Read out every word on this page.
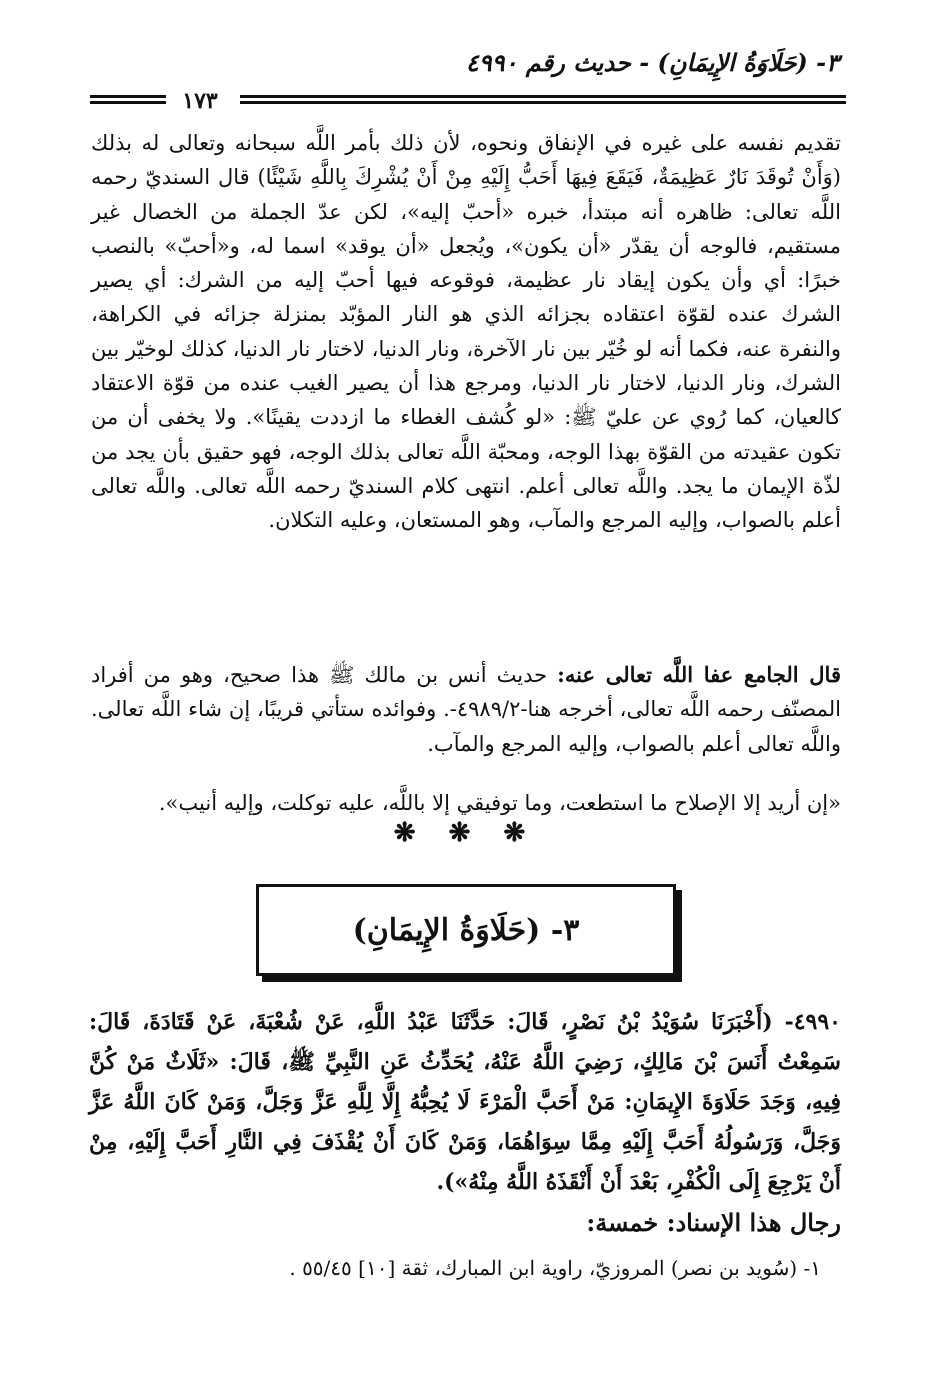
٣- (حَلَاوَةُ الإِيمَانِ) - حديث رقم ٤٩٩٠
١٧٣
تقديم نفسه على غيره في الإنفاق ونحوه، لأن ذلك بأمر اللَّه سبحانه وتعالى له بذلك (وَأَنْ تُوقَدَ نَارٌ عَظِيمَةٌ، فَيَقَعَ فِيهَا أَحَبُّ إِلَيْهِ مِنْ أَنْ يُشْرِكَ بِاللَّهِ شَيْئًا) قال السنديّ رحمه اللَّه تعالى: ظاهره أنه مبتدأ، خبره «أحبّ إليه»، لكن عدّ الجملة من الخصال غير مستقيم، فالوجه أن يقدّر «أن يكون»، ويُجعل «أن يوقد» اسما له، و«أحبّ» بالنصب خبرًا: أي وأن يكون إيقاد نار عظيمة، فوقوعه فيها أحبّ إليه من الشرك: أي يصير الشرك عنده لقوّة اعتقاده بجزائه الذي هو النار المؤبّد بمنزلة جزائه في الكراهة، والنفرة عنه، فكما أنه لو خُيّر بين نار الآخرة، ونار الدنيا، لاختار نار الدنيا، كذلك لوخيّر بين الشرك، ونار الدنيا، لاختار نار الدنيا، ومرجع هذا أن يصير الغيب عنده من قوّة الاعتقاد كالعيان، كما رُوي عن عليّ ﷺ: «لو كُشف الغطاء ما ازددت يقينًا». ولا يخفى أن من تكون عقيدته من القوّة بهذا الوجه، ومحبّة اللَّه تعالى بذلك الوجه، فهو حقيق بأن يجد من لذّة الإيمان ما يجد. واللَّه تعالى أعلم. انتهى كلام السنديّ رحمه اللَّه تعالى. واللَّه تعالى أعلم بالصواب، وإليه المرجع والمآب، وهو المستعان، وعليه التكلان.
قال الجامع عفا اللَّه تعالى عنه: حديث أنس بن مالك ﷺ هذا صحيح، وهو من أفراد المصنّف رحمه اللَّه تعالى، أخرجه هنا-٤٩٨٩/٢-. وفوائده ستأتي قريبًا، إن شاء اللَّه تعالى. واللَّه تعالى أعلم بالصواب، وإليه المرجع والمآب.
«إن أريد إلا الإصلاح ما استطعت، وما توفيقي إلا باللَّه، عليه توكلت، وإليه أنيب».
❋ ❋ ❋
٣- (حَلَاوَةُ الإِيمَانِ)
٤٩٩٠- (أَخْبَرَنَا سُوَيْدُ بْنُ نَصْرٍ، قَالَ: حَدَّثَنَا عَبْدُ اللَّهِ، عَنْ شُعْبَةَ، عَنْ قَتَادَةَ، قَالَ: سَمِعْتُ أَنَسَ بْنَ مَالِكٍ، رَضِيَ اللَّهُ عَنْهُ، يُحَدِّثُ عَنِ النَّبِيِّ ﷺ، قَالَ: «ثَلَاثٌ مَنْ كُنَّ فِيهِ، وَجَدَ حَلَاوَةَ الإِيمَانِ: مَنْ أَحَبَّ الْمَرْءَ لَا يُحِبُّهُ إِلَّا لِلَّهِ عَزَّ وَجَلَّ، وَمَنْ كَانَ اللَّهُ عَزَّ وَجَلَّ، وَرَسُولُهُ أَحَبَّ إِلَيْهِ مِمَّا سِوَاهُمَا، وَمَنْ كَانَ أَنْ يُقْذَفَ فِي النَّارِ أَحَبَّ إِلَيْهِ، مِنْ أَنْ يَرْجِعَ إِلَى الْكُفْرِ، بَعْدَ أَنْ أَنْقَذَهُ اللَّهُ مِنْهُ»).
رجال هذا الإسناد: خمسة:
١- (سُويد بن نصر) المروزيّ، راوية ابن المبارك، ثقة [١٠] ٥٥/٤٥ .
